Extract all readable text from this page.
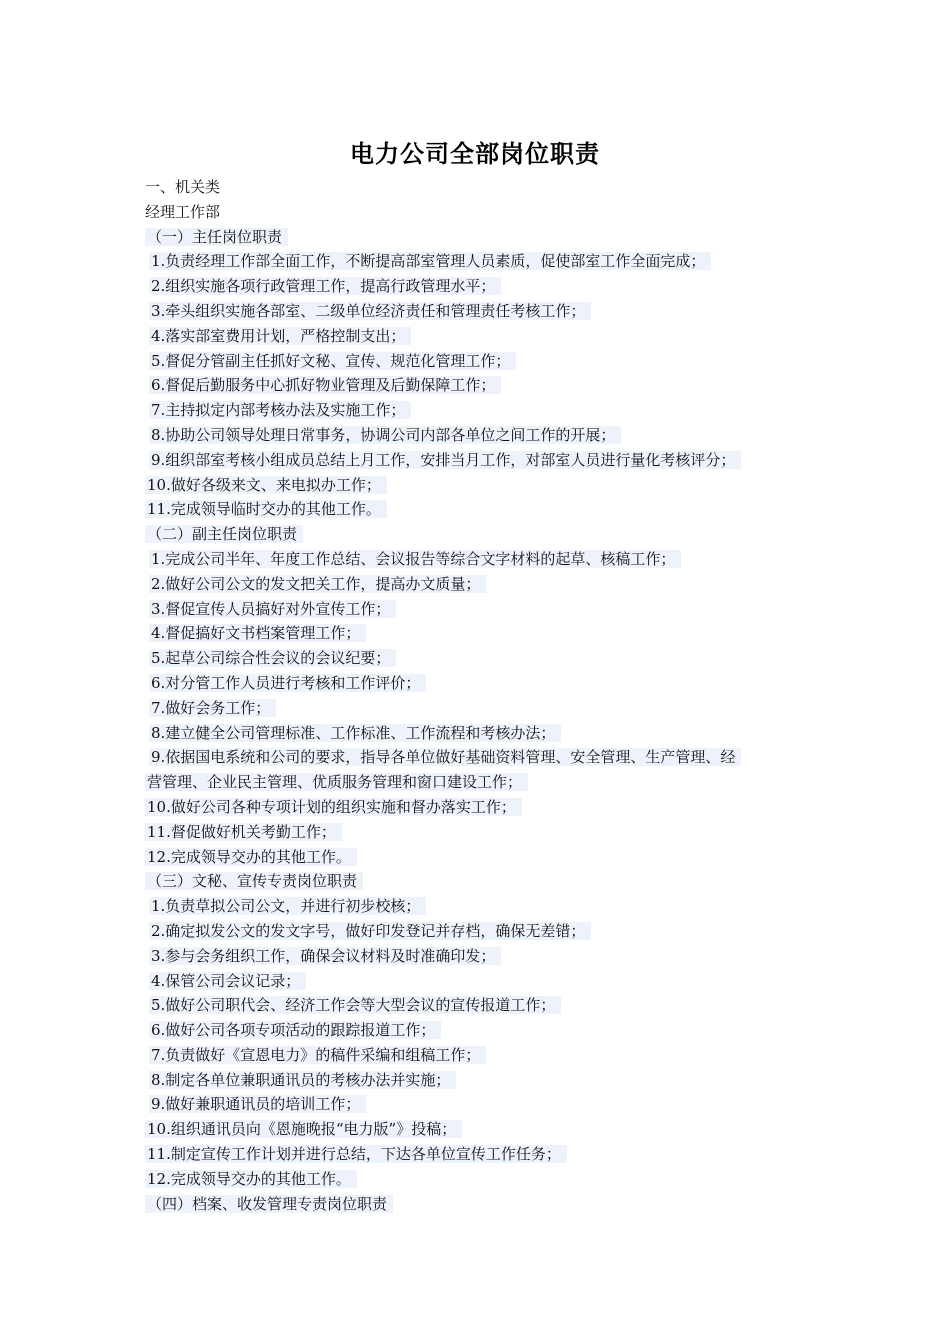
电力公司全部岗位职责
一、机关类
经理工作部
（一）主任岗位职责
1.负责经理工作部全面工作，不断提高部室管理人员素质，促使部室工作全面完成；
2.组织实施各项行政管理工作，提高行政管理水平；
3.牵头组织实施各部室、二级单位经济责任和管理责任考核工作；
4.落实部室费用计划，严格控制支出；
5.督促分管副主任抓好文秘、宣传、规范化管理工作；
6.督促后勤服务中心抓好物业管理及后勤保障工作；
7.主持拟定内部考核办法及实施工作；
8.协助公司领导处理日常事务，协调公司内部各单位之间工作的开展；
9.组织部室考核小组成员总结上月工作，安排当月工作，对部室人员进行量化考核评分；
10.做好各级来文、来电拟办工作；
11.完成领导临时交办的其他工作。
（二）副主任岗位职责
1.完成公司半年、年度工作总结、会议报告等综合文字材料的起草、核稿工作；
2.做好公司公文的发文把关工作，提高办文质量；
3.督促宣传人员搞好对外宣传工作；
4.督促搞好文书档案管理工作；
5.起草公司综合性会议的会议纪要；
6.对分管工作人员进行考核和工作评价；
7.做好会务工作；
8.建立健全公司管理标准、工作标准、工作流程和考核办法；
9.依据国电系统和公司的要求，指导各单位做好基础资料管理、安全管理、生产管理、经
营管理、企业民主管理、优质服务管理和窗口建设工作；
10.做好公司各种专项计划的组织实施和督办落实工作；
11.督促做好机关考勤工作；
12.完成领导交办的其他工作。
（三）文秘、宣传专责岗位职责
1.负责草拟公司公文，并进行初步校核；
2.确定拟发公文的发文字号，做好印发登记并存档，确保无差错；
3.参与会务组织工作，确保会议材料及时准确印发；
4.保管公司会议记录；
5.做好公司职代会、经济工作会等大型会议的宣传报道工作；
6.做好公司各项专项活动的跟踪报道工作；
7.负责做好《宣恩电力》的稿件采编和组稿工作；
8.制定各单位兼职通讯员的考核办法并实施；
9.做好兼职通讯员的培训工作；
10.组织通讯员向《恩施晚报“电力版”》投稿；
11.制定宣传工作计划并进行总结，下达各单位宣传工作任务；
12.完成领导交办的其他工作。
（四）档案、收发管理专责岗位职责
